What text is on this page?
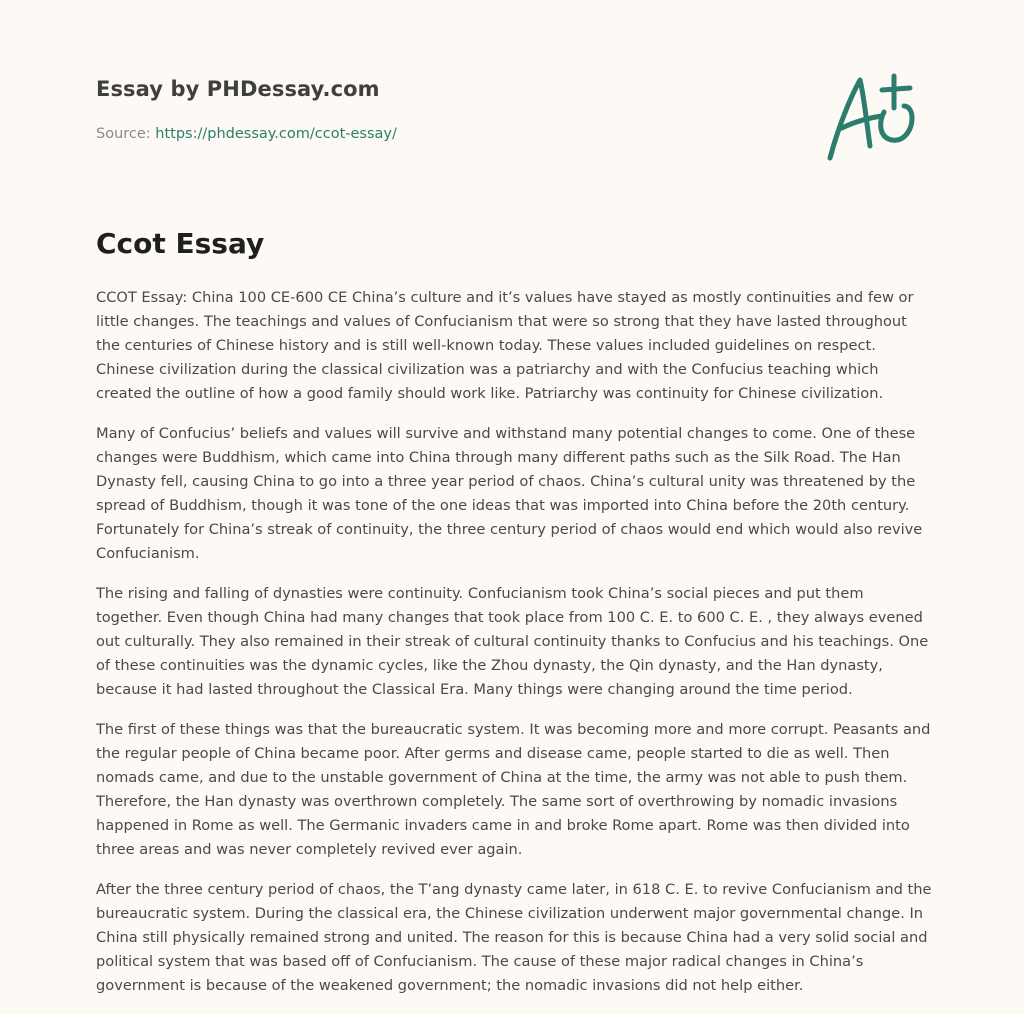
Essay by PHDessay.com
Source: https://phdessay.com/ccot-essay/
Ccot Essay

CCOT Essay: China 100 CE-600 CE China’s culture and it’s values have stayed as mostly continuities and few or little changes. The teachings and values of Confucianism that were so strong that they have lasted throughout the centuries of Chinese history and is still well-known today. These values included guidelines on respect. Chinese civilization during the classical civilization was a patriarchy and with the Confucius teaching which created the outline of how a good family should work like. Patriarchy was continuity for Chinese civilization.

Many of Confucius’ beliefs and values will survive and withstand many potential changes to come. One of these changes were Buddhism, which came into China through many different paths such as the Silk Road. The Han Dynasty fell, causing China to go into a three year period of chaos. China’s cultural unity was threatened by the spread of Buddhism, though it was tone of the one ideas that was imported into China before the 20th century. Fortunately for China’s streak of continuity, the three century period of chaos would end which would also revive Confucianism.

The rising and falling of dynasties were continuity. Confucianism took China’s social pieces and put them together. Even though China had many changes that took place from 100 C. E. to 600 C. E. , they always evened out culturally. They also remained in their streak of cultural continuity thanks to Confucius and his teachings. One of these continuities was the dynamic cycles, like the Zhou dynasty, the Qin dynasty, and the Han dynasty, because it had lasted throughout the Classical Era. Many things were changing around the time period.

The first of these things was that the bureaucratic system. It was becoming more and more corrupt. Peasants and the regular people of China became poor. After germs and disease came, people started to die as well. Then nomads came, and due to the unstable government of China at the time, the army was not able to push them. Therefore, the Han dynasty was overthrown completely. The same sort of overthrowing by nomadic invasions happened in Rome as well. The Germanic invaders came in and broke Rome apart. Rome was then divided into three areas and was never completely revived ever again.

After the three century period of chaos, the T’ang dynasty came later, in 618 C. E. to revive Confucianism and the bureaucratic system. During the classical era, the Chinese civilization underwent major governmental change. In China still physically remained strong and united. The reason for this is because China had a very solid social and political system that was based off of Confucianism. The cause of these major radical changes in China’s government is because of the weakened government; the nomadic invasions did not help either.
